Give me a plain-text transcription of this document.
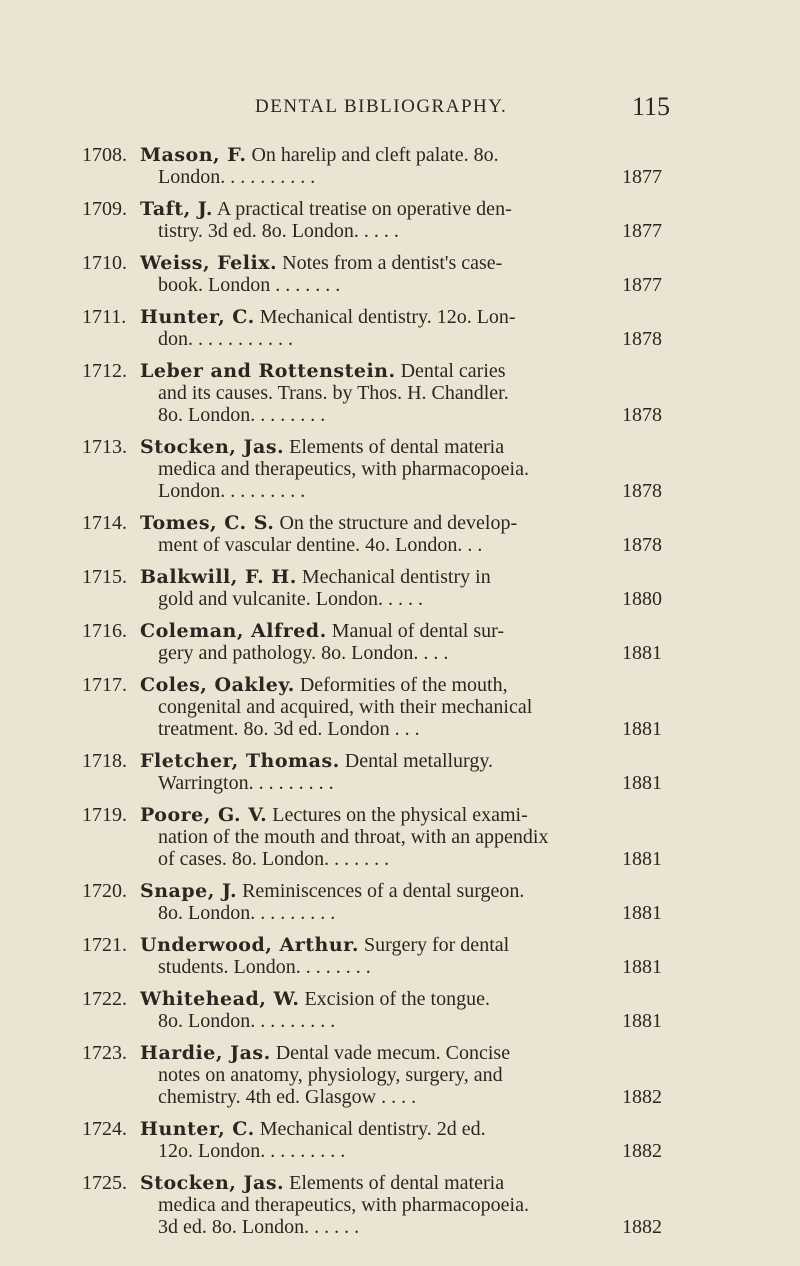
DENTAL BIBLIOGRAPHY.	115
1708. Mason, F. On harelip and cleft palate. 8o.
London. . . . . . . . . .	1877
1709. Taft, J. A practical treatise on operative den-
tistry. 3d ed. 8o. London. . . . .	1877
1710. Weiss, Felix. Notes from a dentist's case-
book. London . . . . . . .	1877
1711. Hunter, C. Mechanical dentistry. 12o. Lon-
don. . . . . . . . . . .	1878
1712. Leber and Rottenstein. Dental caries
and its causes. Trans. by Thos. H. Chandler.
8o. London. . . . . . . .	1878
1713. Stocken, Jas. Elements of dental materia
medica and therapeutics, with pharmacopoeia.
London. . . . . . . . .	1878
1714. Tomes, C. S. On the structure and develop-
ment of vascular dentine. 4o. London. . .	1878
1715. Balkwill, F. H. Mechanical dentistry in
gold and vulcanite. London. . . . .	1880
1716. Coleman, Alfred. Manual of dental sur-
gery and pathology. 8o. London. . . .	1881
1717. Coles, Oakley. Deformities of the mouth,
congenital and acquired, with their mechanical
treatment. 8o. 3d ed. London . . .	1881
1718. Fletcher, Thomas. Dental metallurgy.
Warrington. . . . . . . . .	1881
1719. Poore, G. V. Lectures on the physical exami-
nation of the mouth and throat, with an appendix
of cases. 8o. London. . . . . . .	1881
1720. Snape, J. Reminiscences of a dental surgeon.
8o. London. . . . . . . . .	1881
1721. Underwood, Arthur. Surgery for dental
students. London. . . . . . . .	1881
1722. Whitehead, W. Excision of the tongue.
8o. London. . . . . . . . .	1881
1723. Hardie, Jas. Dental vade mecum. Concise
notes on anatomy, physiology, surgery, and
chemistry. 4th ed. Glasgow . . . .	1882
1724. Hunter, C. Mechanical dentistry. 2d ed.
12o. London. . . . . . . . .	1882
1725. Stocken, Jas. Elements of dental materia
medica and therapeutics, with pharmacopoeia.
3d ed. 8o. London. . . . . .	1882
